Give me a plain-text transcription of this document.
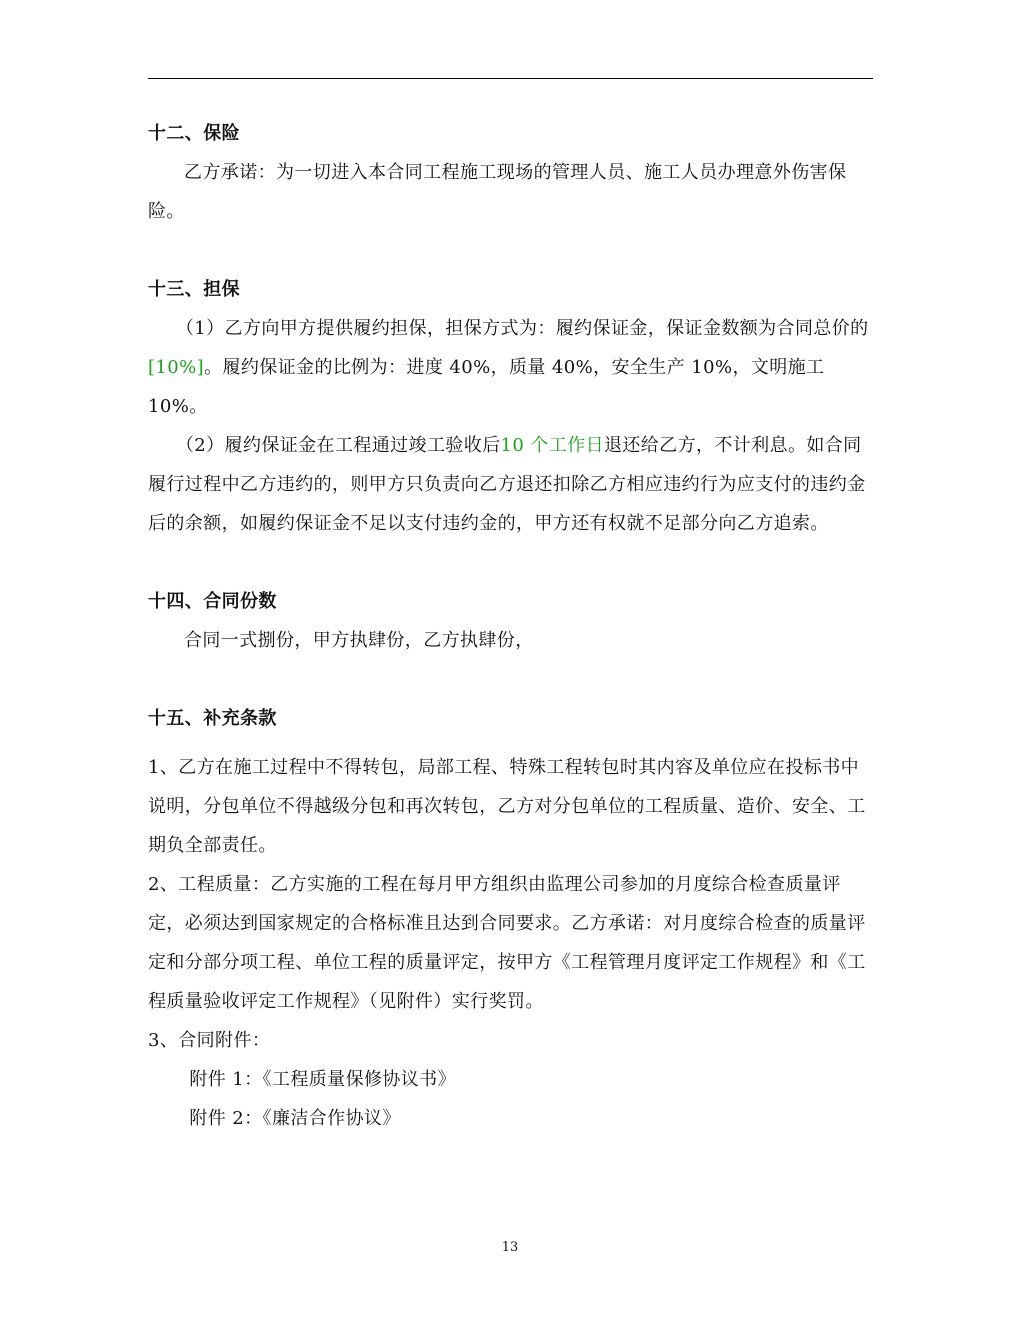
十二、保险

乙方承诺：为一切进入本合同工程施工现场的管理人员、施工人员办理意外伤害保险。

十三、担保

（1）乙方向甲方提供履约担保，担保方式为：履约保证金，保证金数额为合同总价的[10%]。履约保证金的比例为：进度 40%，质量 40%，安全生产 10%，文明施工 10%。

（2）履约保证金在工程通过竣工验收后10 个工作日退还给乙方，不计利息。如合同履行过程中乙方违约的，则甲方只负责向乙方退还扣除乙方相应违约行为应支付的违约金后的余额，如履约保证金不足以支付违约金的，甲方还有权就不足部分向乙方追索。

十四、合同份数

合同一式捌份，甲方执肆份，乙方执肆份，

十五、补充条款

1、乙方在施工过程中不得转包，局部工程、特殊工程转包时其内容及单位应在投标书中说明，分包单位不得越级分包和再次转包，乙方对分包单位的工程质量、造价、安全、工期负全部责任。

2、工程质量：乙方实施的工程在每月甲方组织由监理公司参加的月度综合检查质量评定，必须达到国家规定的合格标准且达到合同要求。乙方承诺：对月度综合检查的质量评定和分部分项工程、单位工程的质量评定，按甲方《工程管理月度评定工作规程》和《工程质量验收评定工作规程》（见附件）实行奖罚。

3、合同附件：

附件 1：《工程质量保修协议书》

附件 2：《廉洁合作协议》

13
